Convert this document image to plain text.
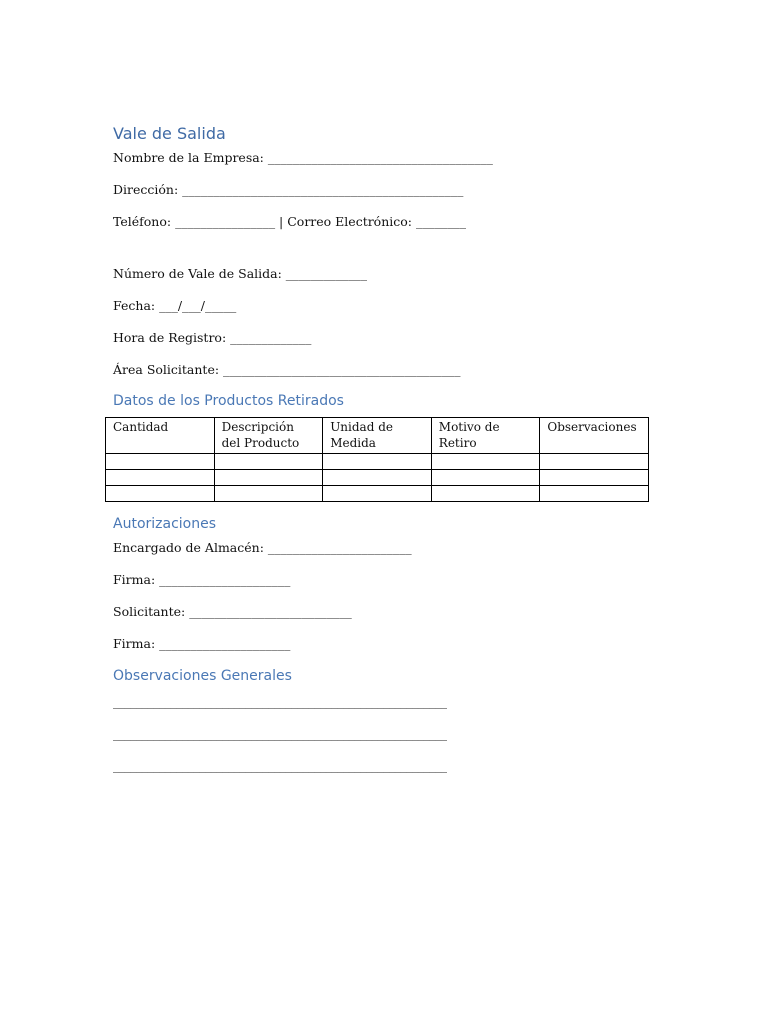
Vale de Salida

Nombre de la Empresa: ____________________________________

Dirección: _____________________________________________

Teléfono: ________________ | Correo Electrónico: ________

Número de Vale de Salida: _____________

Fecha: ___/___/_____

Hora de Registro: _____________

Área Solicitante: ______________________________________

Datos de los Productos Retirados
Cantidad	Descripción del Producto	Unidad de Medida	Motivo de Retiro	Observaciones

Autorizaciones

Encargado de Almacén: _______________________

Firma: _____________________

Solicitante: __________________________

Firma: _____________________

Observaciones Generales

__________________________________________________________

__________________________________________________________

__________________________________________________________
